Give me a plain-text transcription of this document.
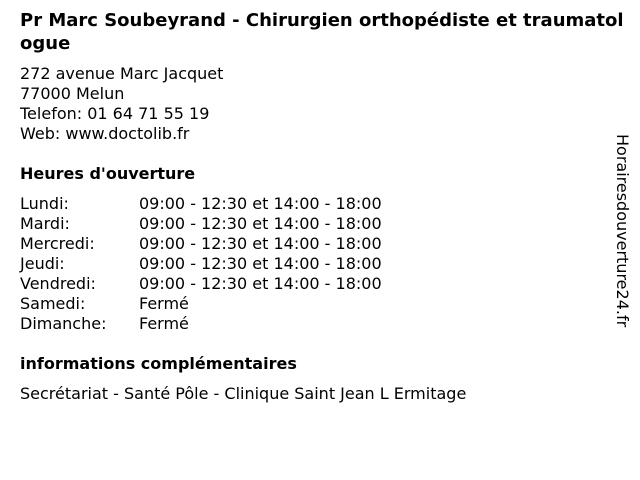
Pr Marc Soubeyrand - Chirurgien orthopédiste et traumatologue
272 avenue Marc Jacquet
77000 Melun
Telefon: 01 64 71 55 19
Web: www.doctolib.fr
Heures d'ouverture
Lundi:	09:00 - 12:30 et 14:00 - 18:00
Mardi:	09:00 - 12:30 et 14:00 - 18:00
Mercredi:	09:00 - 12:30 et 14:00 - 18:00
Jeudi:	09:00 - 12:30 et 14:00 - 18:00
Vendredi:	09:00 - 12:30 et 14:00 - 18:00
Samedi:	Fermé
Dimanche:	Fermé
informations complémentaires
Secrétariat - Santé Pôle - Clinique Saint Jean L Ermitage
Horairesdouverture24.fr
